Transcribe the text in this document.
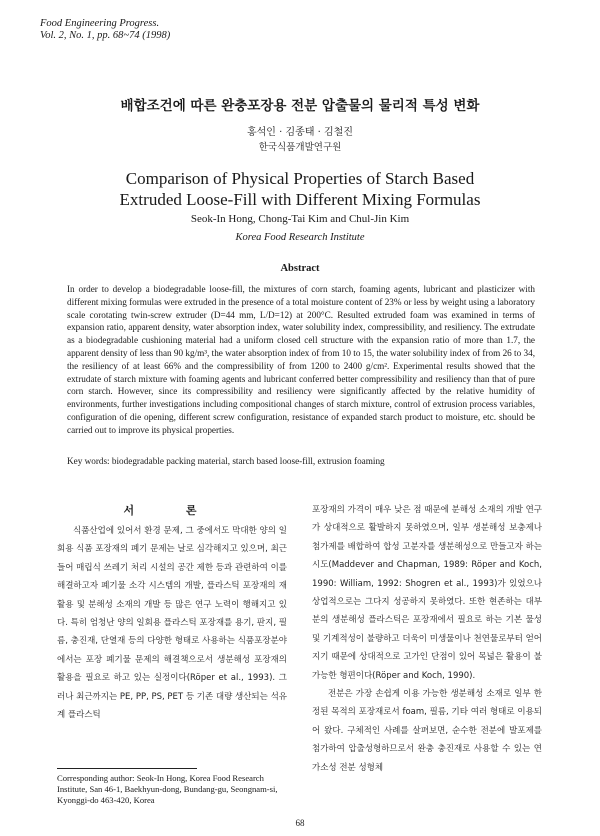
Food Engineering Progress.
Vol. 2, No. 1, pp. 68~74 (1998)
배합조건에 따른 완충포장용 전분 압출물의 물리적 특성 변화
홍석인 · 김종태 · 김철진
한국식품개발연구원
Comparison of Physical Properties of Starch Based
Extruded Loose-Fill with Different Mixing Formulas
Seok-In Hong, Chong-Tai Kim and Chul-Jin Kim
Korea Food Research Institute
Abstract
In order to develop a biodegradable loose-fill, the mixtures of corn starch, foaming agents, lubricant and plasticizer with different mixing formulas were extruded in the presence of a total moisture content of 23% or less by weight using a laboratory scale corotating twin-screw extruder (D=44 mm, L/D=12) at 200°C. Resulted extruded foam was examined in terms of expansion ratio, apparent density, water absorption index, water solubility index, compressibility, and resiliency. The extrudate as a biodegradable cushioning material had a uniform closed cell structure with the expansion ratio of more than 1.7, the apparent density of less than 90 kg/m³, the water absorption index of from 10 to 15, the water solubility index of from 26 to 34, the resiliency of at least 66% and the compressibility of from 1200 to 2400 g/cm². Experimental results showed that the extrudate of starch mixture with foaming agents and lubricant conferred better compressibility and resiliency than that of pure corn starch. However, since its compressibility and resiliency were significantly affected by the relative humidity of environments, further investigations including compositional changes of starch mixture, control of extrusion process variables, configuration of die opening, different screw configuration, resistance of expanded starch product to moisture, etc. should be carried out to improve its physical properties.
Key words: biodegradable packing material, starch based loose-fill, extrusion foaming
서 론

식품산업에 있어서 환경 문제, 그 중에서도 막대한 양의 일회용 식품 포장재의 폐기 문제는 날로 심각해지고 있으며, 최근 들어 매립식 쓰레기 처리 시설의 공간 제한 등과 관련하여 이를 해결하고자 폐기물 소각 시스템의 개발, 플라스틱 포장재의 재활용 및 분해성 소재의 개발 등 많은 연구 노력이 행해지고 있다. 특히 엄청난 양의 일회용 플라스틱 포장재를 용기, 판지, 필름, 충진재, 단열재 등의 다양한 형태로 사용하는 식품포장분야에서는 포장 폐기물 문제의 해결책으로서 생분해성 포장재의 활용을 필요로 하고 있는 실정이다(Röper et al., 1993). 그러나 최근까지는 PE, PP, PS, PET 등 기존 대량 생산되는 석유계 플라스틱

포장재의 가격이 매우 낮은 점 때문에 분해성 소재의 개발 연구가 상대적으로 활발하지 못하였으며, 일부 생분해성 보충제나 첨가제를 배합하여 합성 고분자를 생분해성으로 만들고자 하는 시도(Maddever and Chapman, 1989: Röper and Koch, 1990: William, 1992: Shogren et al., 1993)가 있었으나 상업적으로는 그다지 성공하지 못하였다. 또한 현존하는 대부분의 생분해성 플라스틱은 포장재에서 필요로 하는 기본 물성 및 기계적성이 불량하고 더욱이 미생물이나 천연물로부터 얻어지기 때문에 상대적으로 고가인 단점이 있어 목넓은 활용이 불가능한 형편이다(Röper and Koch, 1990).

전분은 가장 손쉽게 이용 가능한 생분해성 소재로 일부 한정된 목적의 포장재로서 foam, 필름, 기타 여러 형태로 이용되어 왔다. 구체적인 사례를 살펴보면, 순수한 전분에 발포제를 첨가하여 압출성형하므로서 완충 충진재로 사용할 수 있는 연가소성 전분 성형체

Corresponding author: Seok-In Hong, Korea Food Research Institute, San 46-1, Baekhyun-dong, Bundang-gu, Seongnam-si, Kyonggi-do 463-420, Korea
68
